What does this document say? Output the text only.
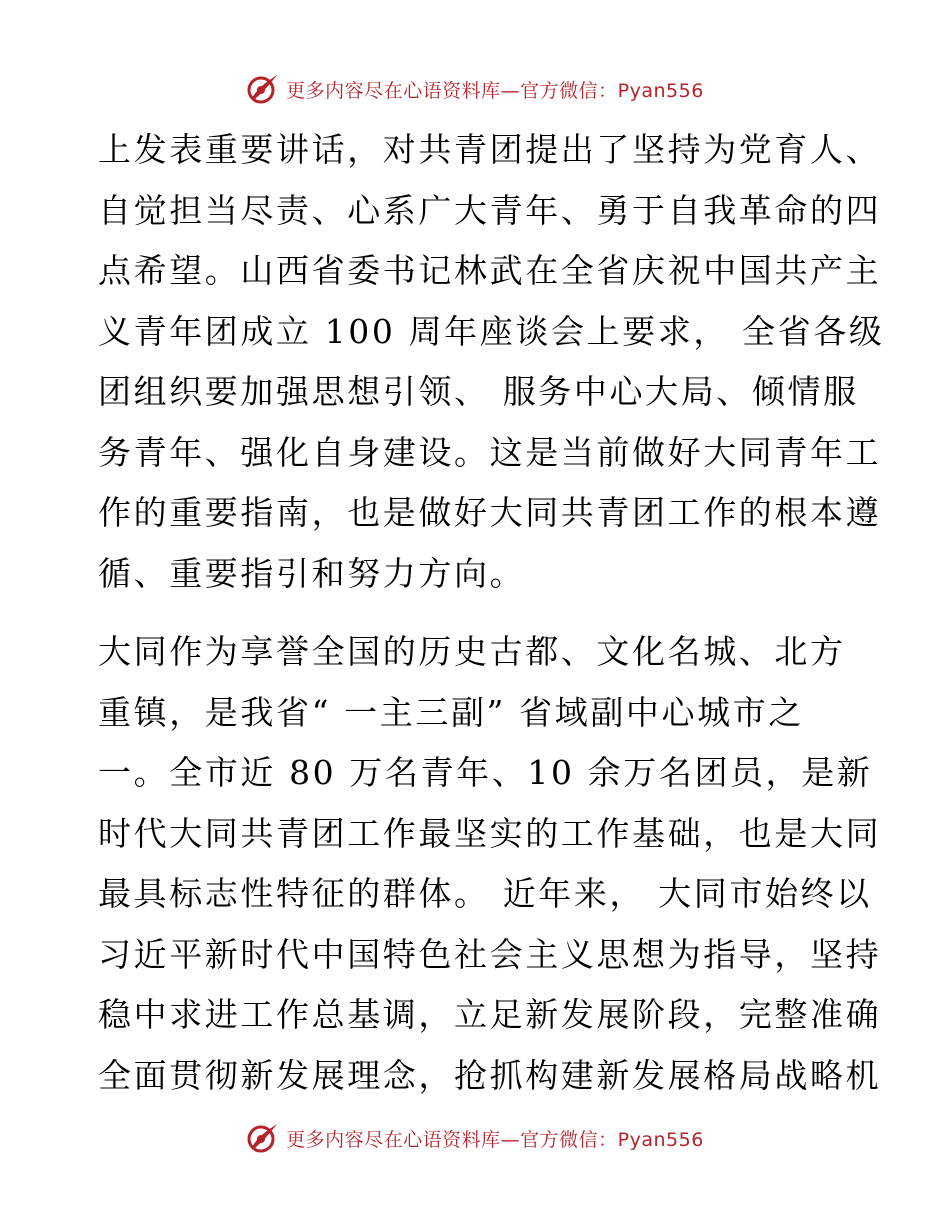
更多内容尽在心语资料库—官方微信：Pyan556

上发表重要讲话，对共青团提出了坚持为党育人、
自觉担当尽责、心系广大青年、勇于自我革命的四
点希望。山西省委书记林武在全省庆祝中国共产主
义青年团成立 100 周年座谈会上要求， 全省各级
团组织要加强思想引领、 服务中心大局、倾情服
务青年、强化自身建设。这是当前做好大同青年工
作的重要指南，也是做好大同共青团工作的根本遵
循、重要指引和努力方向。

大同作为享誉全国的历史古都、文化名城、北方
重镇，是我省“ 一主三副” 省域副中心城市之
一。全市近 80 万名青年、10 余万名团员，是新
时代大同共青团工作最坚实的工作基础，也是大同
最具标志性特征的群体。 近年来， 大同市始终以
习近平新时代中国特色社会主义思想为指导，坚持
稳中求进工作总基调，立足新发展阶段，完整准确
全面贯彻新发展理念，抢抓构建新发展格局战略机

更多内容尽在心语资料库—官方微信：Pyan556
